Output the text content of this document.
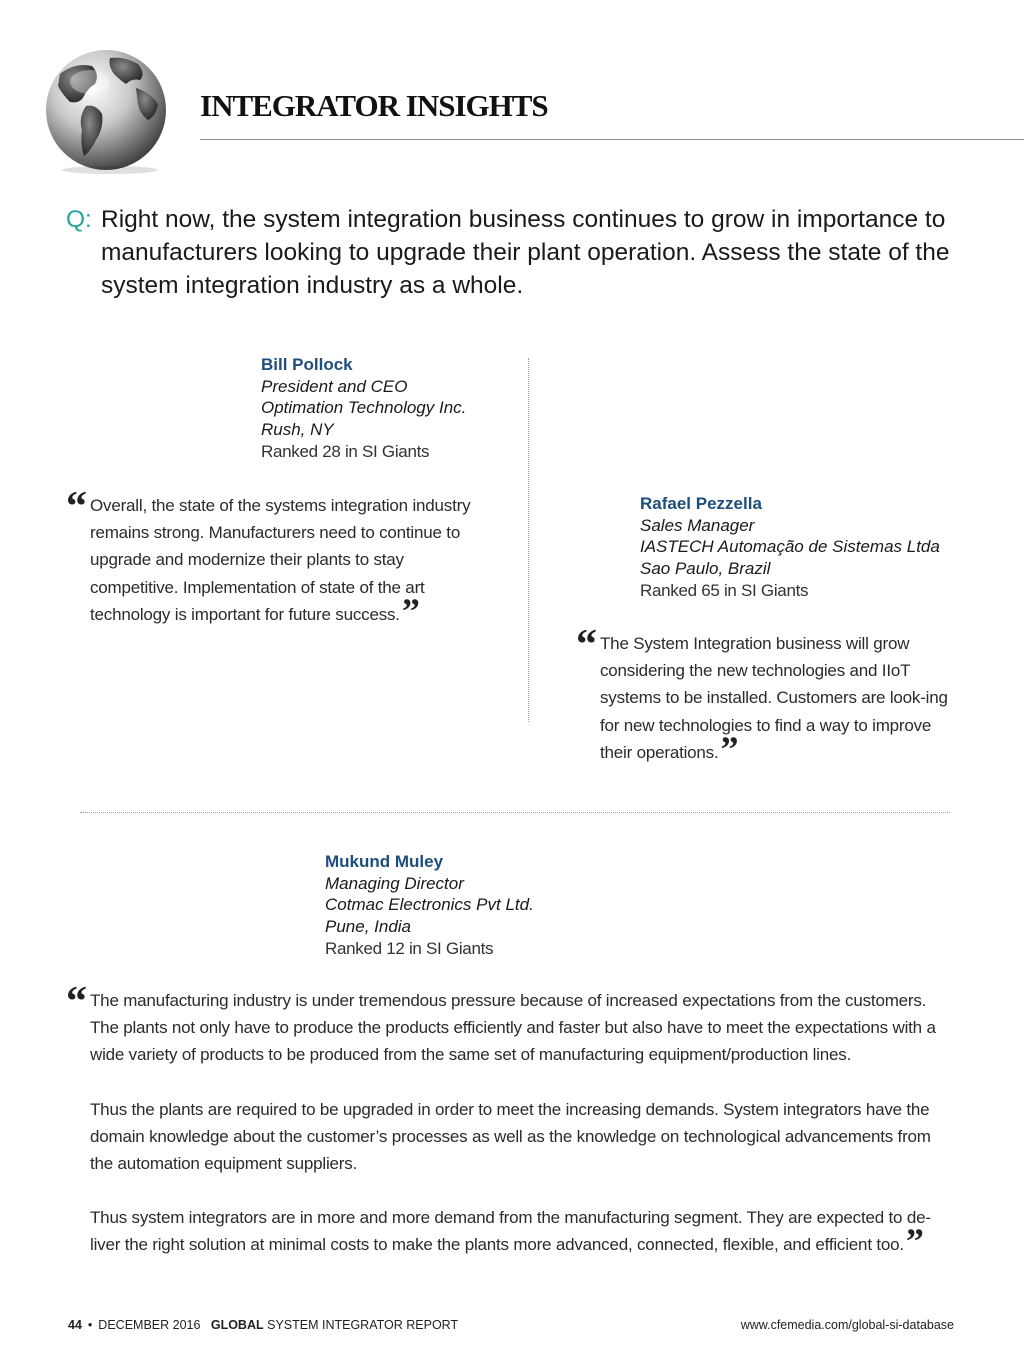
INTEGRATOR INSIGHTS
Q: Right now, the system integration business continues to grow in importance to manufacturers looking to upgrade their plant operation. Assess the state of the system integration industry as a whole.
Bill Pollock
President and CEO
Optimation Technology Inc.
Rush, NY
Ranked 28 in SI Giants
“ Overall, the state of the systems integration industry remains strong. Manufacturers need to continue to upgrade and modernize their plants to stay competitive. Implementation of state of the art technology is important for future success.”

Rafael Pezzella
Sales Manager
IASTECH Automação de Sistemas Ltda
Sao Paulo, Brazil
Ranked 65 in SI Giants
“ The System Integration business will grow considering the new technologies and IIoT systems to be installed. Customers are look-ing for new technologies to find a way to improve their operations.”

Mukund Muley
Managing Director
Cotmac Electronics Pvt Ltd.
Pune, India
Ranked 12 in SI Giants
“ The manufacturing industry is under tremendous pressure because of increased expectations from the customers. The plants not only have to produce the products efficiently and faster but also have to meet the expectations with a wide variety of products to be produced from the same set of manufacturing equipment/production lines.

Thus the plants are required to be upgraded in order to meet the increasing demands. System integrators have the domain knowledge about the customer’s processes as well as the knowledge on technological advancements from the automation equipment suppliers.

Thus system integrators are in more and more demand from the manufacturing segment. They are expected to de-liver the right solution at minimal costs to make the plants more advanced, connected, flexible, and efficient too.”

44 • DECEMBER 2016 GLOBAL SYSTEM INTEGRATOR REPORT	www.cfemedia.com/global-si-database
